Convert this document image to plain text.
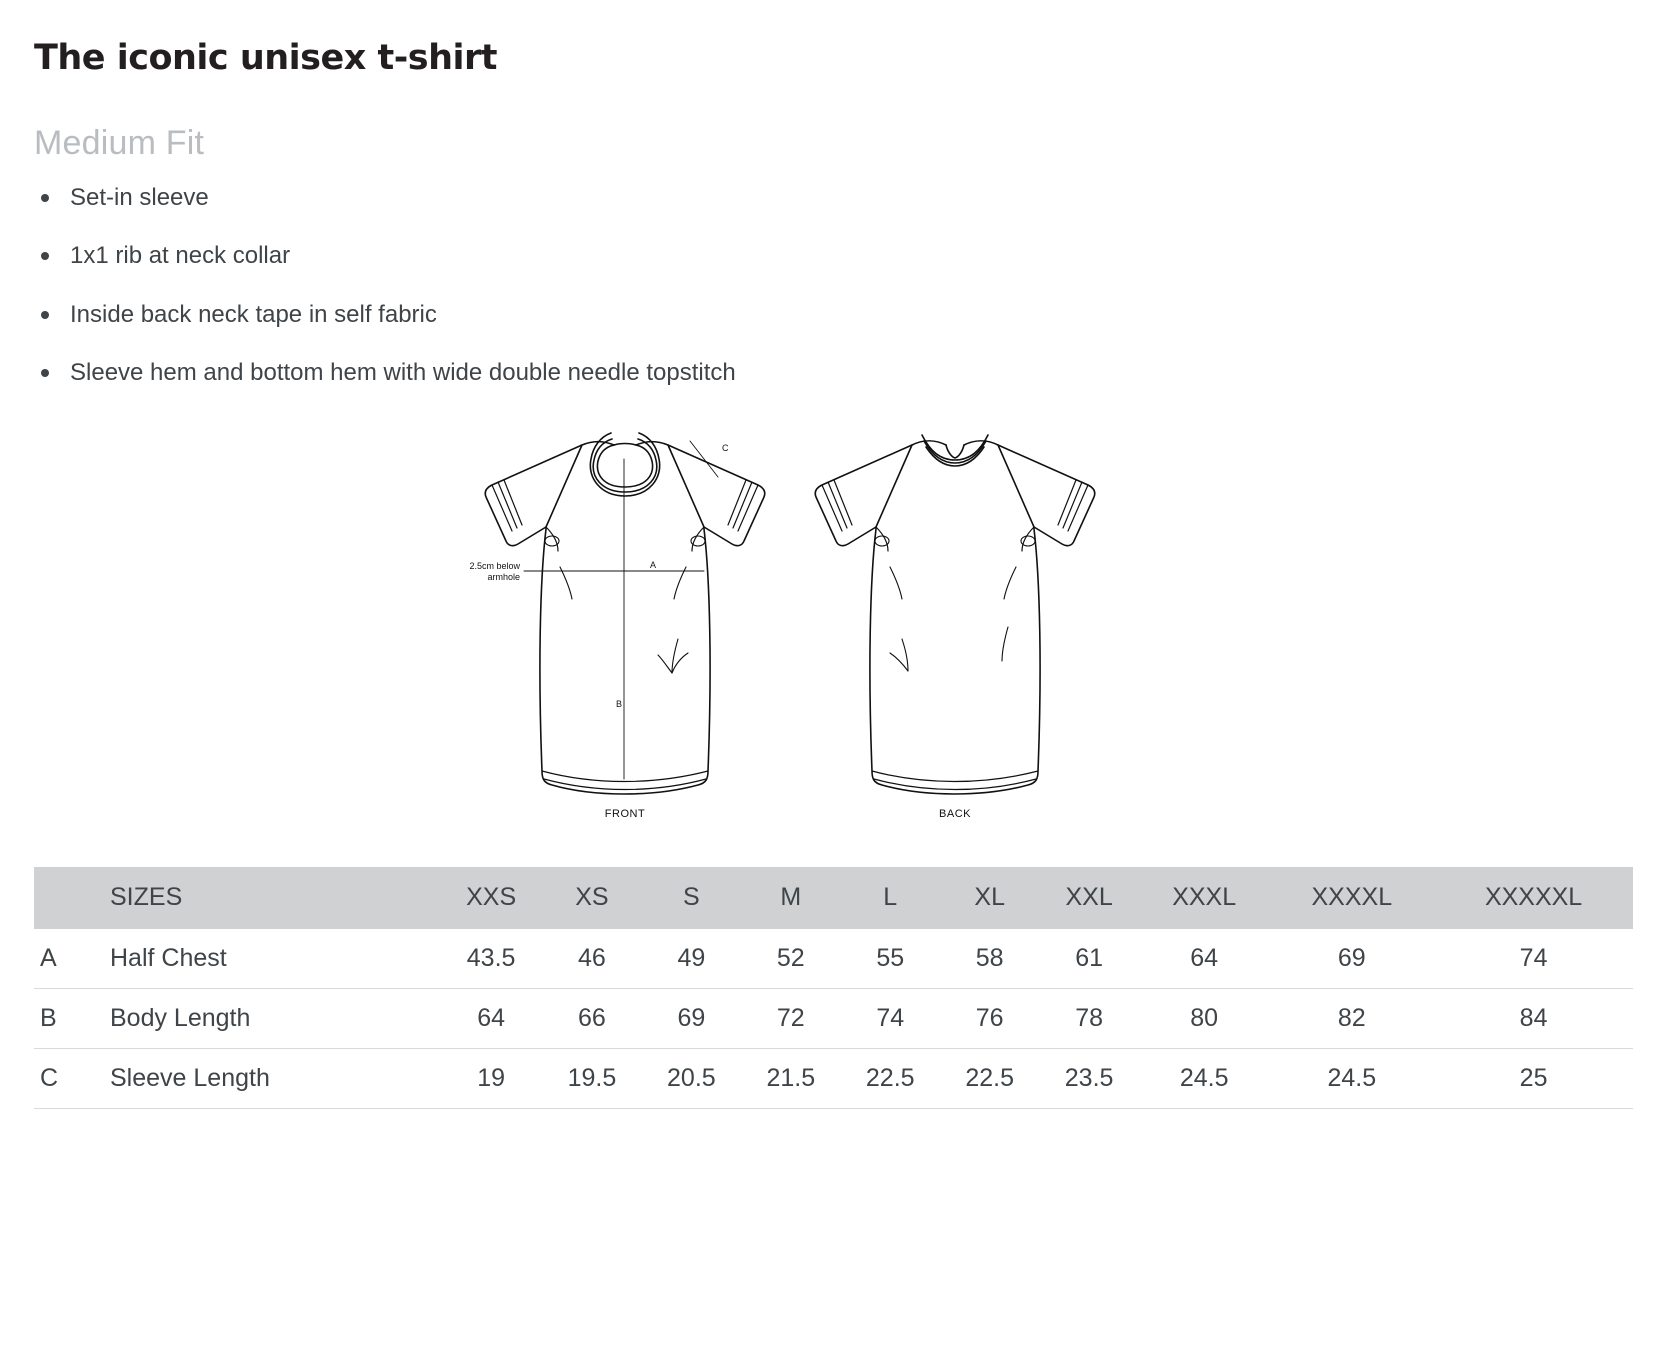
The iconic unisex t-shirt
Medium Fit
Set-in sleeve
1x1 rib at neck collar
Inside back neck tape in self fabric
Sleeve hem and bottom hem with wide double needle topstitch
2.5cm below
armhole
A
B
C
FRONT	BACK
	SIZES	XXS	XS	S	M	L	XL	XXL	XXXL	XXXXL	XXXXXL
A	Half Chest	43.5	46	49	52	55	58	61	64	69	74
B	Body Length	64	66	69	72	74	76	78	80	82	84
C	Sleeve Length	19	19.5	20.5	21.5	22.5	22.5	23.5	24.5	24.5	25
